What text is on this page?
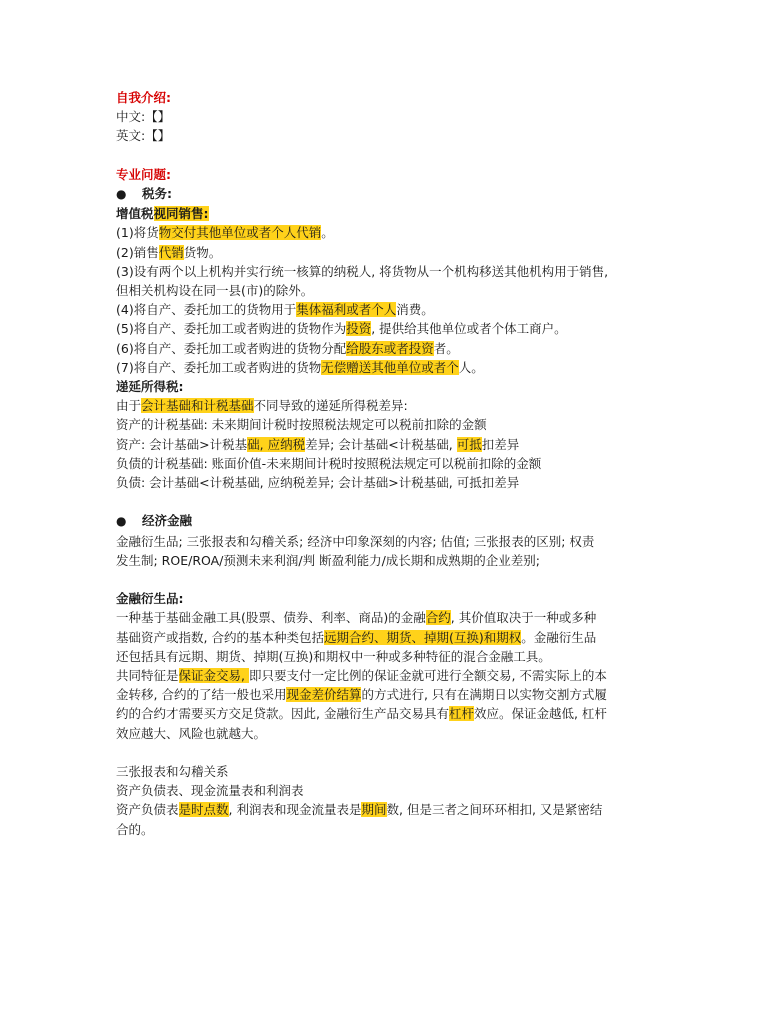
自我介绍:
中文:【】
英文:【】
专业问题:
● 税务:
增值税视同销售:
(1)将货物交付其他单位或者个人代销。
(2)销售代销货物。
(3)设有两个以上机构并实行统一核算的纳税人, 将货物从一个机构移送其他机构用于销售,
但相关机构设在同一县(市)的除外。
(4)将自产、委托加工的货物用于集体福利或者个人消费。
(5)将自产、委托加工或者购进的货物作为投资, 提供给其他单位或者个体工商户。
(6)将自产、委托加工或者购进的货物分配给股东或者投资者。
(7)将自产、委托加工或者购进的货物无偿赠送其他单位或者个人。
递延所得税:
由于会计基础和计税基础不同导致的递延所得税差异:
资产的计税基础: 未来期间计税时按照税法规定可以税前扣除的金额
资产: 会计基础>计税基础, 应纳税差异; 会计基础<计税基础, 可抵扣差异
负债的计税基础: 账面价值-未来期间计税时按照税法规定可以税前扣除的金额
负债: 会计基础<计税基础, 应纳税差异; 会计基础>计税基础, 可抵扣差异
● 经济金融
金融衍生品; 三张报表和勾稽关系; 经济中印象深刻的内容; 估值; 三张报表的区别; 权责
发生制; ROE/ROA/预测未来利润/判 断盈利能力/成长期和成熟期的企业差别;
金融衍生品:
一种基于基础金融工具(股票、债券、利率、商品)的金融合约, 其价值取决于一种或多种
基础资产或指数, 合约的基本种类包括远期合约、期货、掉期(互换)和期权。金融衍生品
还包括具有远期、期货、掉期(互换)和期权中一种或多种特征的混合金融工具。
共同特征是保证金交易, 即只要支付一定比例的保证金就可进行全额交易, 不需实际上的本
金转移, 合约的了结一般也采用现金差价结算的方式进行, 只有在满期日以实物交割方式履
约的合约才需要买方交足贷款。因此, 金融衍生产品交易具有杠杆效应。保证金越低, 杠杆
效应越大、风险也就越大。
三张报表和勾稽关系
资产负债表、现金流量表和利润表
资产负债表是时点数, 利润表和现金流量表是期间数, 但是三者之间环环相扣, 又是紧密结
合的。
